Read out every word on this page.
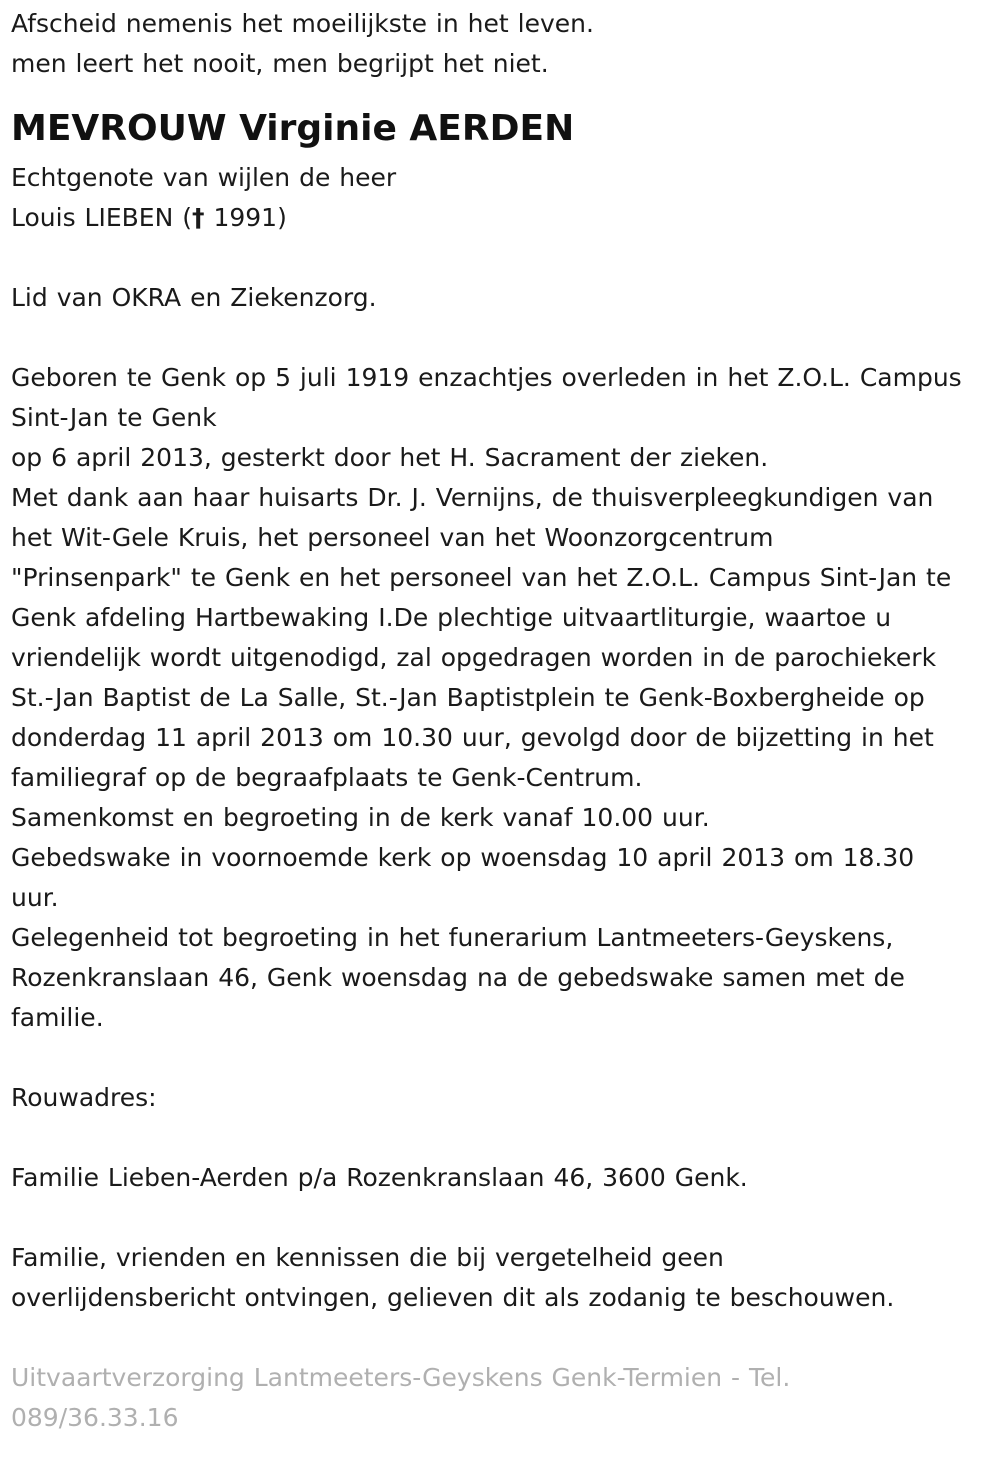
Afscheid nemenis het moeilijkste in het leven.
men leert het nooit, men begrijpt het niet.
MEVROUW Virginie AERDEN
Echtgenote van wijlen de heer
Louis LIEBEN († 1991)
Lid van OKRA en Ziekenzorg.
Geboren te Genk op 5 juli 1919 enzachtjes overleden in het Z.O.L. Campus
Sint-Jan te Genk
op 6 april 2013, gesterkt door het H. Sacrament der zieken.
Met dank aan haar huisarts Dr. J. Vernijns, de thuisverpleegkundigen van
het Wit-Gele Kruis, het personeel van het Woonzorgcentrum
"Prinsenpark" te Genk en het personeel van het Z.O.L. Campus Sint-Jan te
Genk afdeling Hartbewaking I.De plechtige uitvaartliturgie, waartoe u
vriendelijk wordt uitgenodigd, zal opgedragen worden in de parochiekerk
St.-Jan Baptist de La Salle, St.-Jan Baptistplein te Genk-Boxbergheide op
donderdag 11 april 2013 om 10.30 uur, gevolgd door de bijzetting in het
familiegraf op de begraafplaats te Genk-Centrum.
Samenkomst en begroeting in de kerk vanaf 10.00 uur.
Gebedswake in voornoemde kerk op woensdag 10 april 2013 om 18.30
uur.
Gelegenheid tot begroeting in het funerarium Lantmeeters-Geyskens,
Rozenkranslaan 46, Genk woensdag na de gebedswake samen met de
familie.
Rouwadres:
Familie Lieben-Aerden p/a Rozenkranslaan 46, 3600 Genk.
Familie, vrienden en kennissen die bij vergetelheid geen
overlijdensbericht ontvingen, gelieven dit als zodanig te beschouwen.
Uitvaartverzorging Lantmeeters-Geyskens Genk-Termien - Tel.
089/36.33.16
